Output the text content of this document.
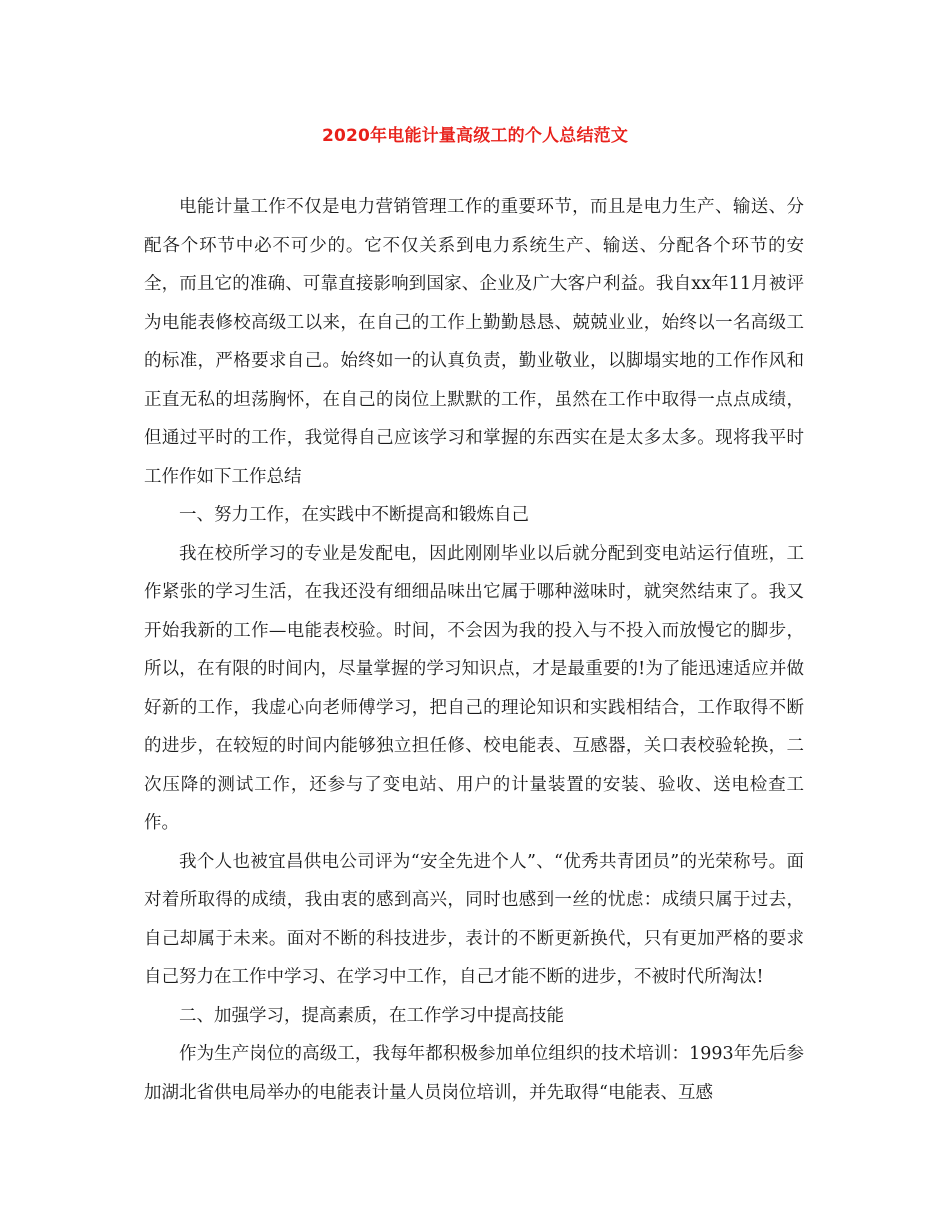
2020年电能计量高级工的个人总结范文

电能计量工作不仅是电力营销管理工作的重要环节，而且是电力生产、输送、分配各个环节中必不可少的。它不仅关系到电力系统生产、输送、分配各个环节的安全，而且它的准确、可靠直接影响到国家、企业及广大客户利益。我自xx年11月被评为电能表修校高级工以来，在自己的工作上勤勤恳恳、兢兢业业，始终以一名高级工的标准，严格要求自己。始终如一的认真负责，勤业敬业，以脚塌实地的工作作风和正直无私的坦荡胸怀，在自己的岗位上默默的工作，虽然在工作中取得一点点成绩，但通过平时的工作，我觉得自己应该学习和掌握的东西实在是太多太多。现将我平时工作作如下工作总结

一、努力工作，在实践中不断提高和锻炼自己

我在校所学习的专业是发配电，因此刚刚毕业以后就分配到变电站运行值班，工作紧张的学习生活，在我还没有细细品味出它属于哪种滋味时，就突然结束了。我又开始我新的工作—电能表校验。时间，不会因为我的投入与不投入而放慢它的脚步，所以，在有限的时间内，尽量掌握的学习知识点，才是最重要的!为了能迅速适应并做好新的工作，我虚心向老师傅学习，把自己的理论知识和实践相结合，工作取得不断的进步，在较短的时间内能够独立担任修、校电能表、互感器，关口表校验轮换，二次压降的测试工作，还参与了变电站、用户的计量装置的安装、验收、送电检查工作。

我个人也被宜昌供电公司评为“安全先进个人”、“优秀共青团员”的光荣称号。面对着所取得的成绩，我由衷的感到高兴，同时也感到一丝的忧虑：成绩只属于过去，自己却属于未来。面对不断的科技进步，表计的不断更新换代，只有更加严格的要求自己努力在工作中学习、在学习中工作，自己才能不断的进步，不被时代所淘汰!

二、加强学习，提高素质，在工作学习中提高技能

作为生产岗位的高级工，我每年都积极参加单位组织的技术培训：1993年先后参加湖北省供电局举办的电能表计量人员岗位培训，并先取得“电能表、互感
